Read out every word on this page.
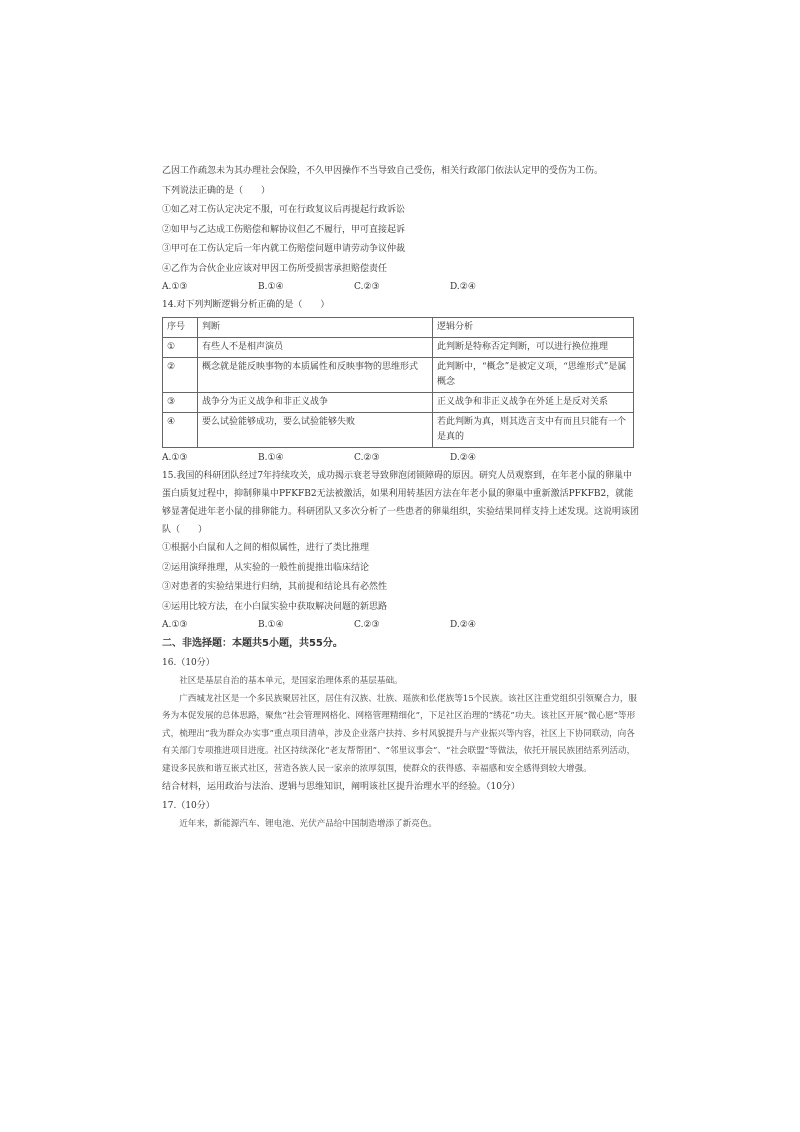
乙因工作疏忽未为其办理社会保险，不久甲因操作不当导致自己受伤，相关行政部门依法认定甲的受伤为工伤。

下列说法正确的是（　　）

①如乙对工伤认定决定不服，可在行政复议后再提起行政诉讼

②如甲与乙达成工伤赔偿和解协议但乙不履行，甲可直接起诉

③甲可在工伤认定后一年内就工伤赔偿问题申请劳动争议仲裁

④乙作为合伙企业应该对甲因工伤所受损害承担赔偿责任

A.①③	B.①④	C.②③	D.②④

14.对下列判断逻辑分析正确的是（　　）

序号	判断	逻辑分析
①	有些人不是相声演员	此判断是特称否定判断，可以进行换位推理
②	概念就是能反映事物的本质属性和反映事物的思维形式	此判断中，“概念”是被定义项，“思维形式”是属概念
③	战争分为正义战争和非正义战争	正义战争和非正义战争在外延上是反对关系
④	要么试验能够成功，要么试验能够失败	若此判断为真，则其选言支中有而且只能有一个是真的
A.①③	B.①④	C.②③	D.②④

15.我国的科研团队经过7年持续攻关，成功揭示衰老导致卵泡闭锁障碍的原因。研究人员观察到，在年老小鼠的卵巢中蛋白质复过程中，抑制卵巢中PFKFB2无法被激活，如果利用转基因方法在年老小鼠的卵巢中重新激活PFKFB2，就能够显著促进年老小鼠的排卵能力。科研团队又多次分析了一些患者的卵巢组织，实验结果同样支持上述发现。这说明该团队（　　）

①根据小白鼠和人之间的相似属性，进行了类比推理

②运用演绎推理，从实验的一般性前提推出临床结论

③对患者的实验结果进行归纳，其前提和结论具有必然性

④运用比较方法，在小白鼠实验中获取解决问题的新思路

A.①③	B.①④	C.②③	D.②④

二、非选择题：本题共5小题，共55分。

16.（10分）

社区是基层自治的基本单元，是国家治理体系的基层基础。

广西城龙社区是一个多民族聚居社区，居住有汉族、壮族、瑶族和仫佬族等15个民族。该社区注重党组织引领聚合力，服务为本促发展的总体思路，聚焦“社会管理网格化、网格管理精细化”，下足社区治理的“绣花”功夫。该社区开展“微心愿”等形式，梳理出“我为群众办实事”重点项目清单，涉及企业落户扶持、乡村风貌提升与产业振兴等内容，社区上下协同联动，向各有关部门专项推进项目进度。社区持续深化“老友帮帮团”、“邻里议事会”、“社会联盟”等做法，依托开展民族团结系列活动，建设多民族和谐互嵌式社区，营造各族人民一家亲的浓厚氛围，使群众的获得感、幸福感和安全感得到较大增强。

结合材料，运用政治与法治、逻辑与思维知识，阐明该社区提升治理水平的经验。（10分）

17.（10分）

近年来，新能源汽车、锂电池、光伏产品给中国制造增添了新亮色。
